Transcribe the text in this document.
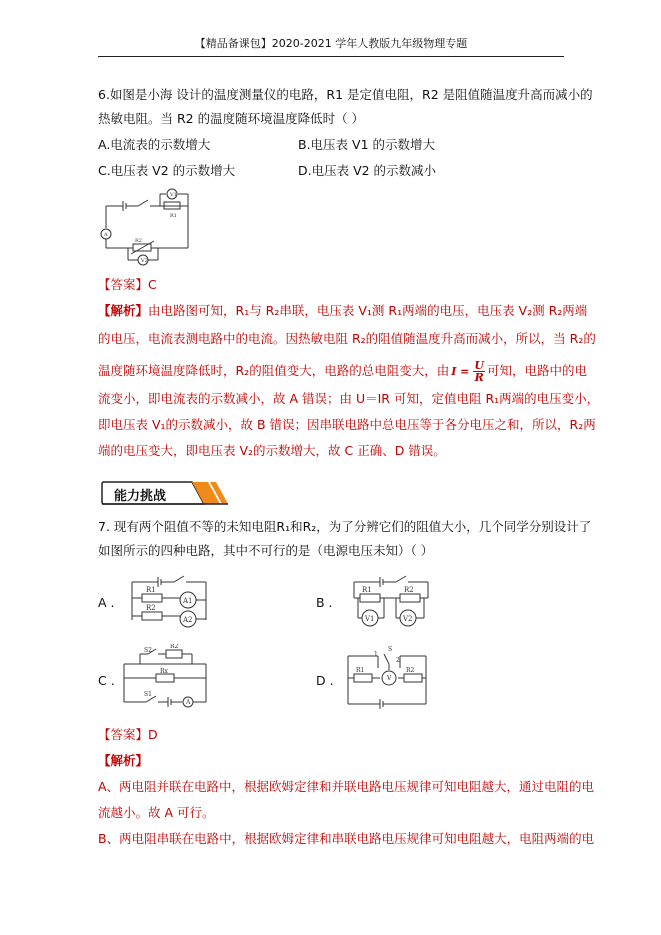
【精品备课包】2020-2021 学年人教版九年级物理专题
6.如图是小海 设计的温度测量仪的电路，R1 是定值电阻，R2 是阻值随温度升高而减小的
热敏电阻。当 R2 的温度随环境温度降低时（ ）
A.电流表的示数增大	B.电压表 V1 的示数增大
C.电压表 V2 的示数增大	D.电压表 V2 的示数减小
V1
R1
A
R2
V2
【答案】C
【解析】由电路图可知，R₁与 R₂串联，电压表 V₁测 R₁两端的电压，电压表 V₂测 R₂两端
的电压，电流表测电路中的电流。因热敏电阻 R₂的阻值随温度升高而减小，所以，当 R₂的
温度随环境温度降低时，R₂的阻值变大，电路的总电阻变大，由 $I = \frac{U}{R}$ 可知，电路中的电
流变小，即电流表的示数减小，故 A 错误；由 U＝IR 可知，定值电阻 R₁两端的电压变小，
即电压表 V₁的示数减小，故 B 错误；因串联电路中总电压等于各分电压之和，所以，R₂两
端的电压变大，即电压表 V₂的示数增大，故 C 正确、D 错误。
能力挑战
7. 现有两个阻值不等的未知电阻R₁和R₂，为了分辨它们的阻值大小，几个同学分别设计了
如图所示的四种电路，其中不可行的是（电源电压未知）（ ）
A .	B .
C .	D .
R1
R2
A1
A2
R1	R2
V1	V2
S2
R2
Rx
S1
A
1
S
2
R1
V
R2
【答案】D
【解析】
A、两电阻并联在电路中，根据欧姆定律和并联电路电压规律可知电阻越大，通过电阻的电
流越小。故 A 可行。
B、两电阻串联在电路中，根据欧姆定律和串联电路电压规律可知电阻越大，电阻两端的电
